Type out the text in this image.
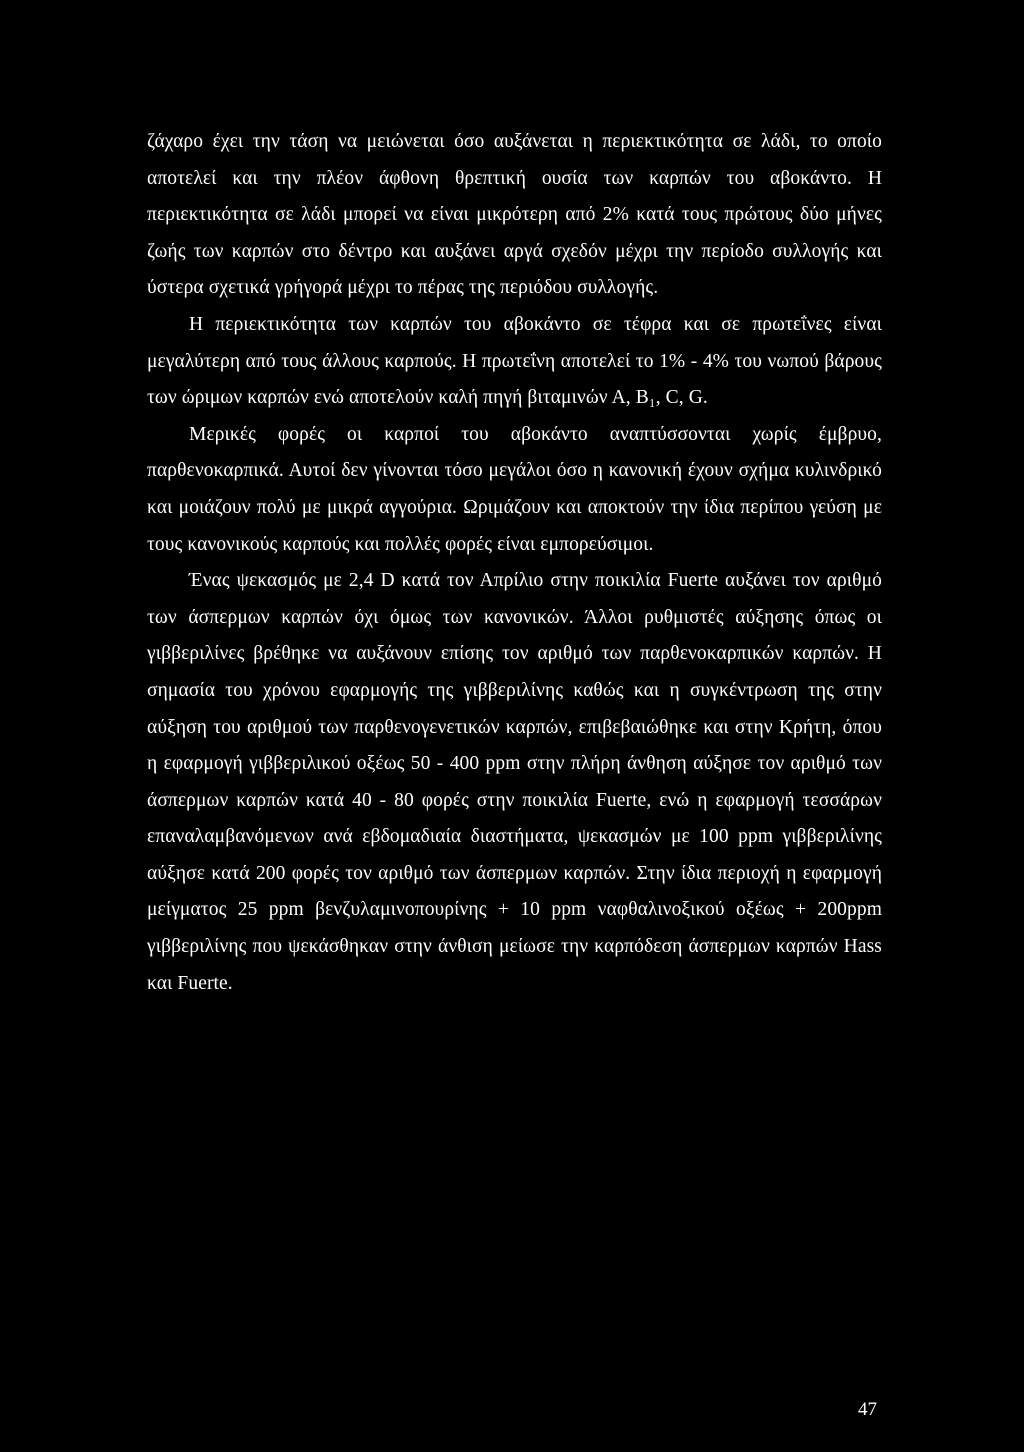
ζάχαρο έχει την τάση να μειώνεται όσο αυξάνεται η περιεκτικότητα σε λάδι, το οποίο αποτελεί και την πλέον άφθονη θρεπτική ουσία των καρπών του αβοκάντο. Η περιεκτικότητα σε λάδι μπορεί να είναι μικρότερη από 2% κατά τους πρώτους δύο μήνες ζωής των καρπών στο δέντρο και αυξάνει αργά σχεδόν μέχρι την περίοδο συλλογής και ύστερα σχετικά γρήγορά μέχρι το πέρας της περιόδου συλλογής.

Η περιεκτικότητα των καρπών του αβοκάντο σε τέφρα και σε πρωτεΐνες είναι μεγαλύτερη από τους άλλους καρπούς. Η πρωτεΐνη αποτελεί το 1% - 4% του νωπού βάρους των ώριμων καρπών ενώ αποτελούν καλή πηγή βιταμινών Α, Β₁, C, G.

Μερικές φορές οι καρποί του αβοκάντο αναπτύσσονται χωρίς έμβρυο, παρθενοκαρπικά. Αυτοί δεν γίνονται τόσο μεγάλοι όσο η κανονική έχουν σχήμα κυλινδρικό και μοιάζουν πολύ με μικρά αγγούρια. Ωριμάζουν και αποκτούν την ίδια περίπου γεύση με τους κανονικούς καρπούς και πολλές φορές είναι εμπορεύσιμοι.

Ένας ψεκασμός με 2,4 D κατά τον Απρίλιο στην ποικιλία Fuerte αυξάνει τον αριθμό των άσπερμων καρπών όχι όμως των κανονικών. Άλλοι ρυθμιστές αύξησης όπως οι γιββεριλίνες βρέθηκε να αυξάνουν επίσης τον αριθμό των παρθενοκαρπικών καρπών. Η σημασία του χρόνου εφαρμογής της γιββεριλίνης καθώς και η συγκέντρωση της στην αύξηση του αριθμού των παρθενογενετικών καρπών, επιβεβαιώθηκε και στην Κρήτη, όπου η εφαρμογή γιββεριλικού οξέως 50 - 400 ppm στην πλήρη άνθηση αύξησε τον αριθμό των άσπερμων καρπών κατά 40 - 80 φορές στην ποικιλία Fuerte, ενώ η εφαρμογή τεσσάρων επαναλαμβανόμενων ανά εβδομαδιαία διαστήματα, ψεκασμών με 100 ppm γιββεριλίνης αύξησε κατά 200 φορές τον αριθμό των άσπερμων καρπών. Στην ίδια περιοχή η εφαρμογή μείγματος 25 ppm βενζυλαμινοπουρίνης + 10 ppm ναφθαλινοξικού οξέως + 200ppm γιββεριλίνης που ψεκάσθηκαν στην άνθιση μείωσε την καρπόδεση άσπερμων καρπών Hass και Fuerte.

47
